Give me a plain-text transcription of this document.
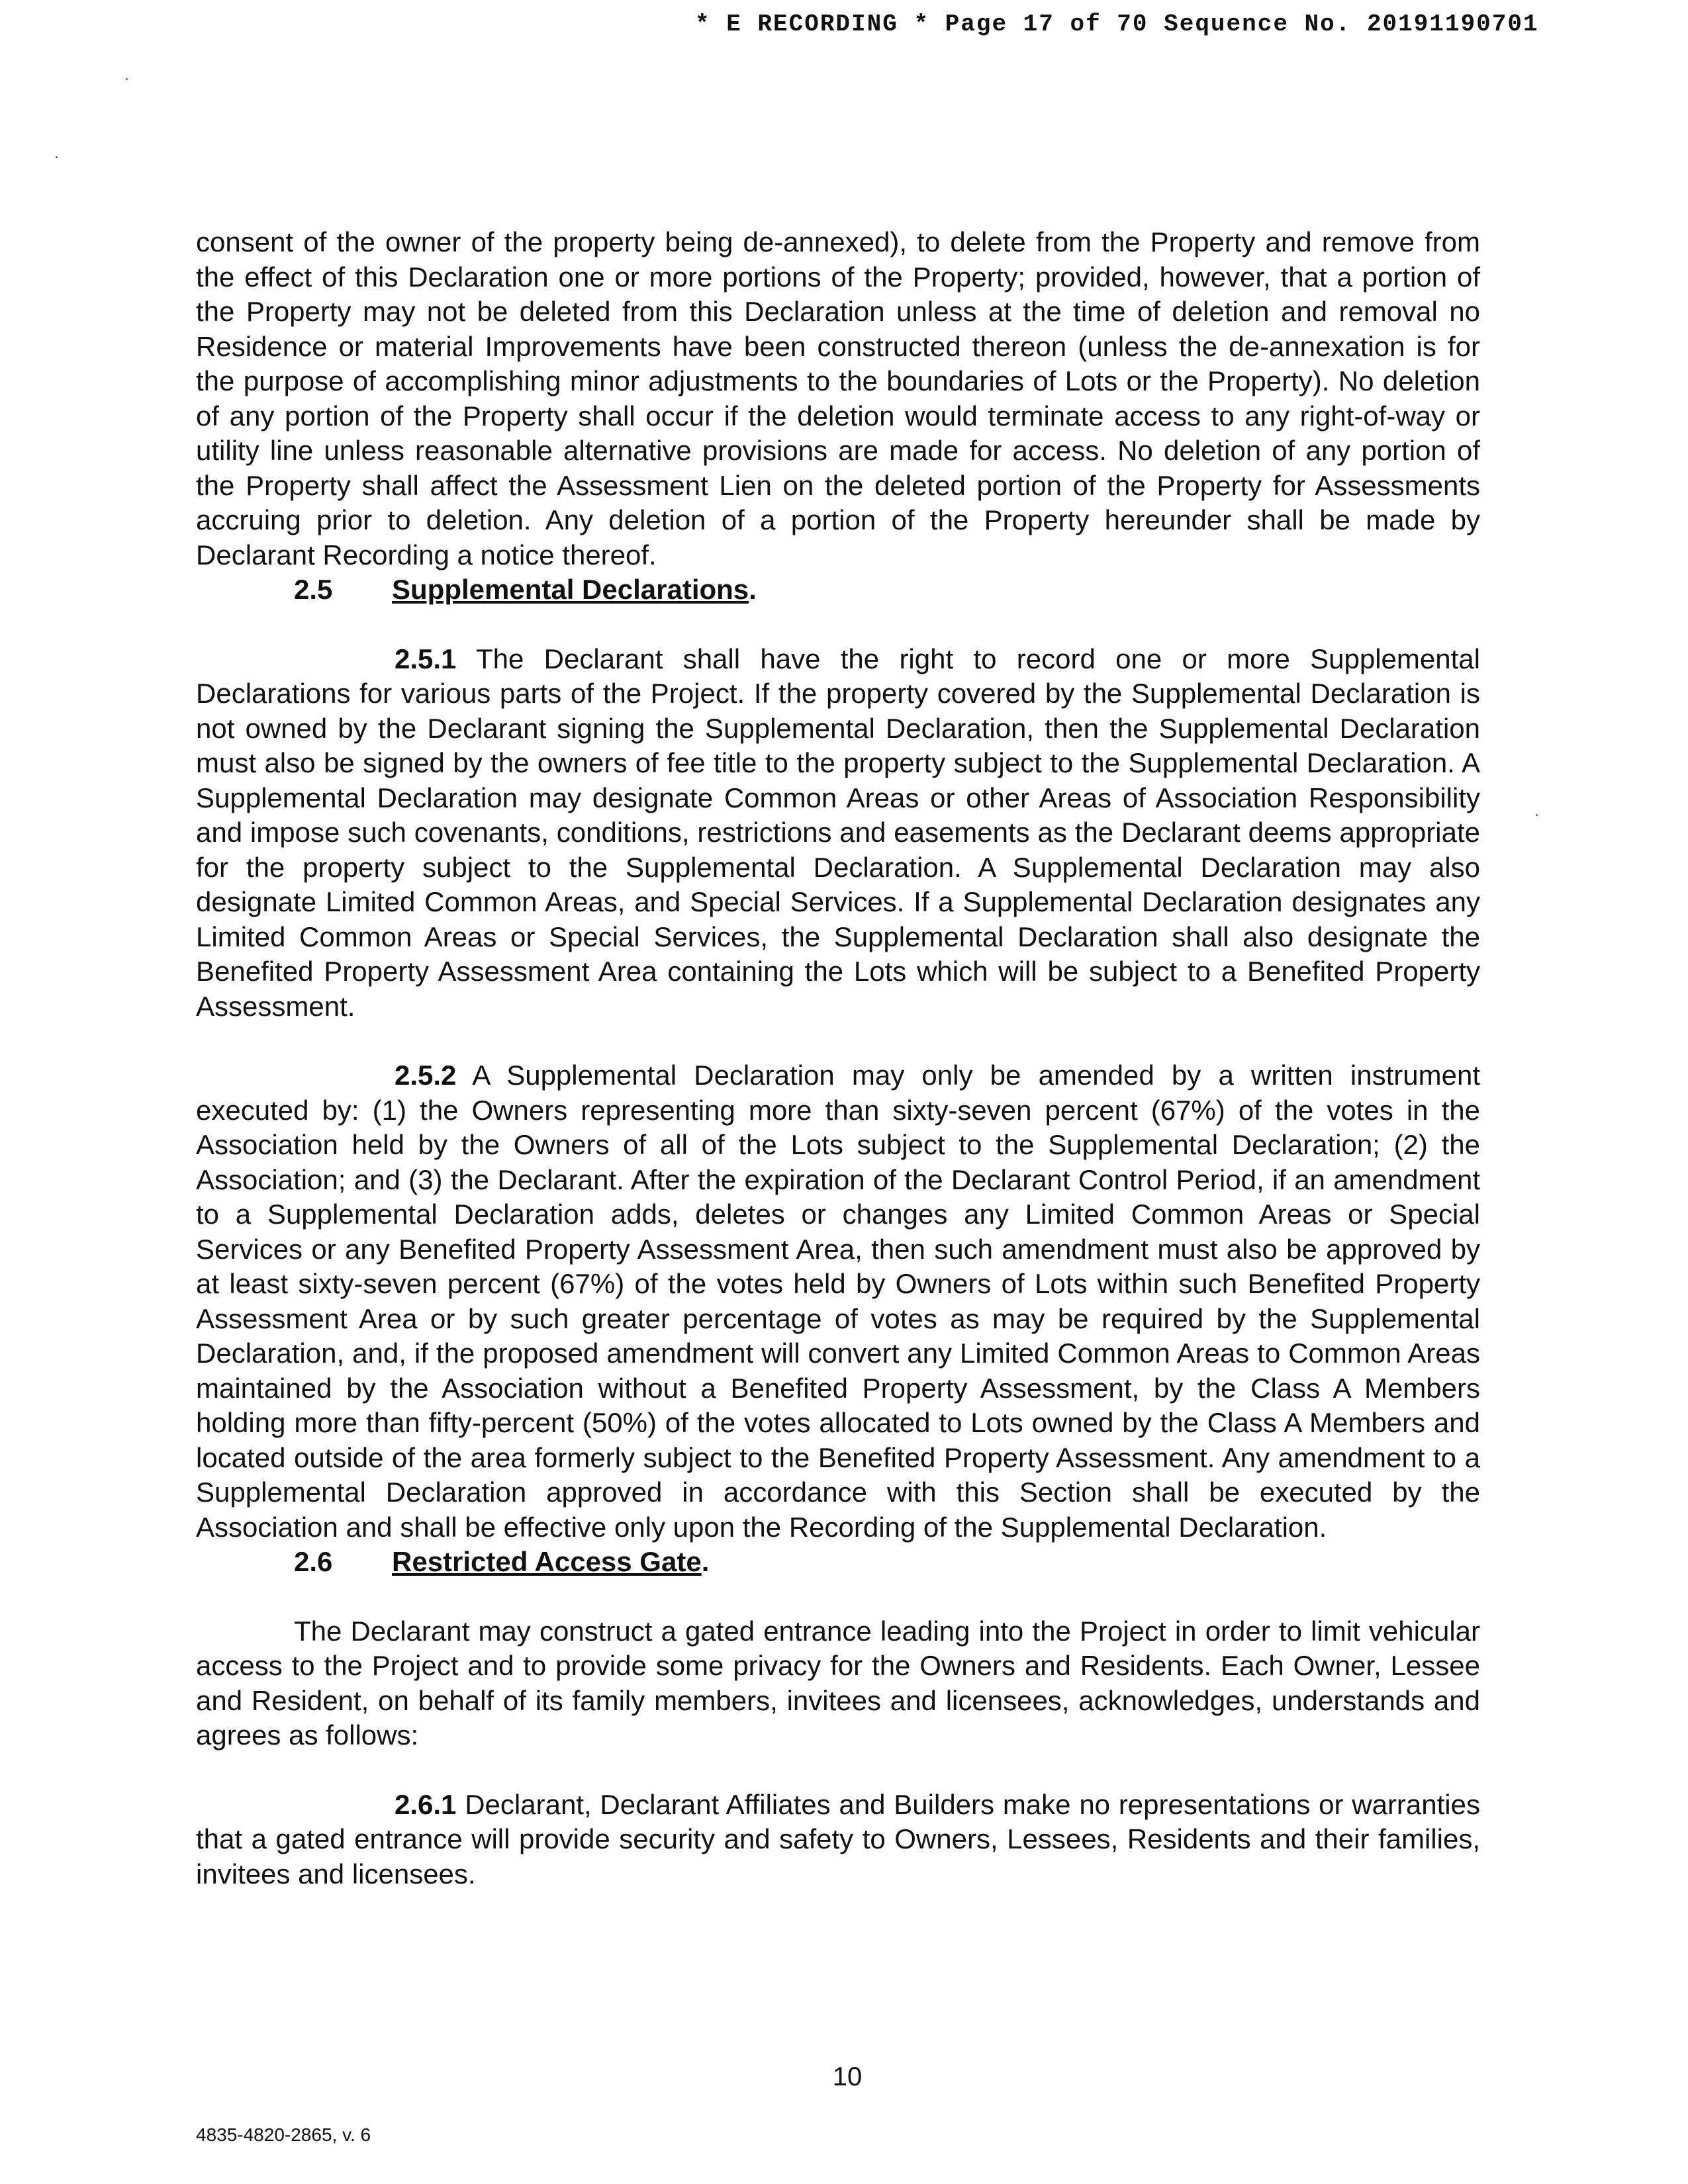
* E RECORDING * Page 17 of 70 Sequence No. 20191190701

consent of the owner of the property being de-annexed), to delete from the Property and remove from the effect of this Declaration one or more portions of the Property; provided, however, that a portion of the Property may not be deleted from this Declaration unless at the time of deletion and removal no Residence or material Improvements have been constructed thereon (unless the de-annexation is for the purpose of accomplishing minor adjustments to the boundaries of Lots or the Property). No deletion of any portion of the Property shall occur if the deletion would terminate access to any right-of-way or utility line unless reasonable alternative provisions are made for access. No deletion of any portion of the Property shall affect the Assessment Lien on the deleted portion of the Property for Assessments accruing prior to deletion. Any deletion of a portion of the Property hereunder shall be made by Declarant Recording a notice thereof.

2.5 Supplemental Declarations.

2.5.1 The Declarant shall have the right to record one or more Supplemental Declarations for various parts of the Project. If the property covered by the Supplemental Declaration is not owned by the Declarant signing the Supplemental Declaration, then the Supplemental Declaration must also be signed by the owners of fee title to the property subject to the Supplemental Declaration. A Supplemental Declaration may designate Common Areas or other Areas of Association Responsibility and impose such covenants, conditions, restrictions and easements as the Declarant deems appropriate for the property subject to the Supplemental Declaration. A Supplemental Declaration may also designate Limited Common Areas, and Special Services. If a Supplemental Declaration designates any Limited Common Areas or Special Services, the Supplemental Declaration shall also designate the Benefited Property Assessment Area containing the Lots which will be subject to a Benefited Property Assessment.

2.5.2 A Supplemental Declaration may only be amended by a written instrument executed by: (1) the Owners representing more than sixty-seven percent (67%) of the votes in the Association held by the Owners of all of the Lots subject to the Supplemental Declaration; (2) the Association; and (3) the Declarant. After the expiration of the Declarant Control Period, if an amendment to a Supplemental Declaration adds, deletes or changes any Limited Common Areas or Special Services or any Benefited Property Assessment Area, then such amendment must also be approved by at least sixty-seven percent (67%) of the votes held by Owners of Lots within such Benefited Property Assessment Area or by such greater percentage of votes as may be required by the Supplemental Declaration, and, if the proposed amendment will convert any Limited Common Areas to Common Areas maintained by the Association without a Benefited Property Assessment, by the Class A Members holding more than fifty-percent (50%) of the votes allocated to Lots owned by the Class A Members and located outside of the area formerly subject to the Benefited Property Assessment. Any amendment to a Supplemental Declaration approved in accordance with this Section shall be executed by the Association and shall be effective only upon the Recording of the Supplemental Declaration.

2.6 Restricted Access Gate.

The Declarant may construct a gated entrance leading into the Project in order to limit vehicular access to the Project and to provide some privacy for the Owners and Residents. Each Owner, Lessee and Resident, on behalf of its family members, invitees and licensees, acknowledges, understands and agrees as follows:

2.6.1 Declarant, Declarant Affiliates and Builders make no representations or warranties that a gated entrance will provide security and safety to Owners, Lessees, Residents and their families, invitees and licensees.

10
4835-4820-2865, v. 6
